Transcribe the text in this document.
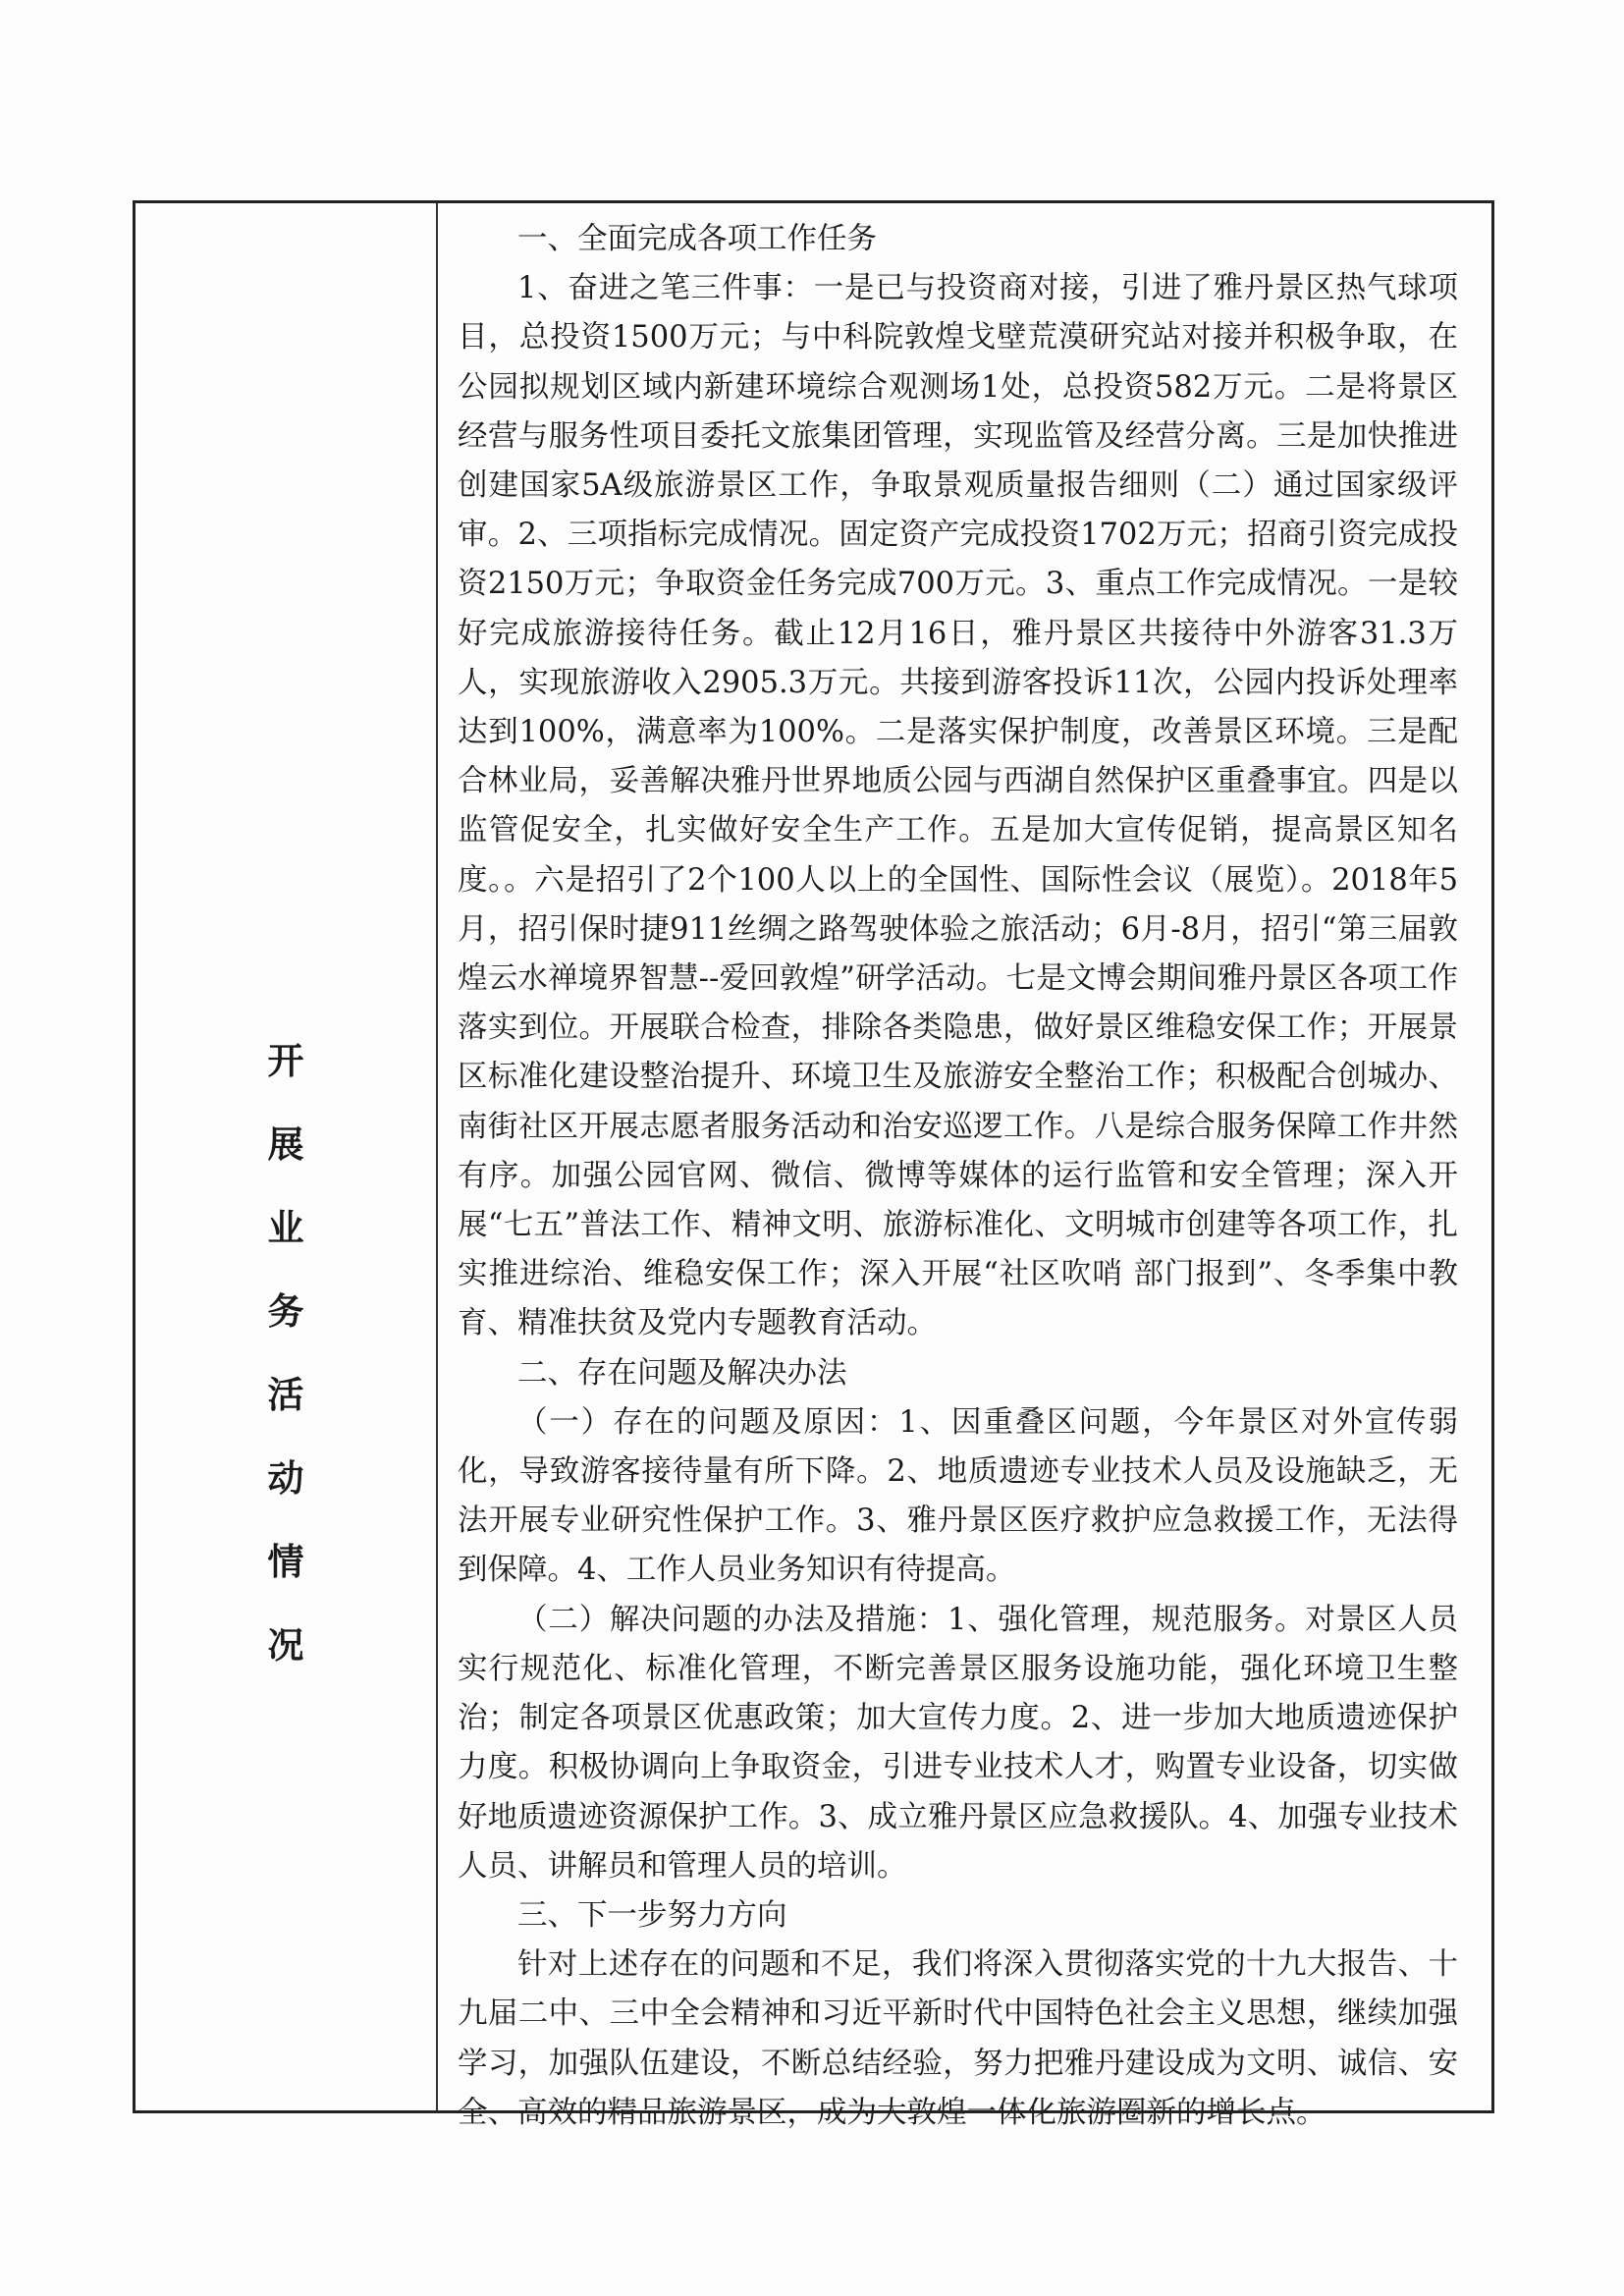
开
展
业
务
活
动
情
况

一、全面完成各项工作任务

1、奋进之笔三件事：一是已与投资商对接，引进了雅丹景区热气球项目，总投资1500万元；与中科院敦煌戈壁荒漠研究站对接并积极争取，在公园拟规划区域内新建环境综合观测场1处，总投资582万元。二是将景区经营与服务性项目委托文旅集团管理，实现监管及经营分离。三是加快推进创建国家5A级旅游景区工作，争取景观质量报告细则（二）通过国家级评审。2、三项指标完成情况。固定资产完成投资1702万元；招商引资完成投资2150万元；争取资金任务完成700万元。3、重点工作完成情况。一是较好完成旅游接待任务。截止12月16日，雅丹景区共接待中外游客31.3万人，实现旅游收入2905.3万元。共接到游客投诉11次，公园内投诉处理率达到100%，满意率为100%。二是落实保护制度，改善景区环境。三是配合林业局，妥善解决雅丹世界地质公园与西湖自然保护区重叠事宜。四是以监管促安全，扎实做好安全生产工作。五是加大宣传促销，提高景区知名度。。六是招引了2个100人以上的全国性、国际性会议（展览）。2018年5月，招引保时捷911丝绸之路驾驶体验之旅活动；6月-8月，招引“第三届敦煌云水禅境界智慧--爱回敦煌”研学活动。七是文博会期间雅丹景区各项工作落实到位。开展联合检查，排除各类隐患，做好景区维稳安保工作；开展景区标准化建设整治提升、环境卫生及旅游安全整治工作；积极配合创城办、南街社区开展志愿者服务活动和治安巡逻工作。八是综合服务保障工作井然有序。加强公园官网、微信、微博等媒体的运行监管和安全管理；深入开展“七五”普法工作、精神文明、旅游标准化、文明城市创建等各项工作，扎实推进综治、维稳安保工作；深入开展“社区吹哨 部门报到”、冬季集中教育、精准扶贫及党内专题教育活动。

二、存在问题及解决办法

（一）存在的问题及原因：1、因重叠区问题，今年景区对外宣传弱化，导致游客接待量有所下降。2、地质遗迹专业技术人员及设施缺乏，无法开展专业研究性保护工作。3、雅丹景区医疗救护应急救援工作，无法得到保障。4、工作人员业务知识有待提高。

（二）解决问题的办法及措施：1、强化管理，规范服务。对景区人员实行规范化、标准化管理，不断完善景区服务设施功能，强化环境卫生整治；制定各项景区优惠政策；加大宣传力度。2、进一步加大地质遗迹保护力度。积极协调向上争取资金，引进专业技术人才，购置专业设备，切实做好地质遗迹资源保护工作。3、成立雅丹景区应急救援队。4、加强专业技术人员、讲解员和管理人员的培训。

三、下一步努力方向

针对上述存在的问题和不足，我们将深入贯彻落实党的十九大报告、十九届二中、三中全会精神和习近平新时代中国特色社会主义思想，继续加强学习，加强队伍建设，不断总结经验，努力把雅丹建设成为文明、诚信、安全、高效的精品旅游景区，成为大敦煌一体化旅游圈新的增长点。
